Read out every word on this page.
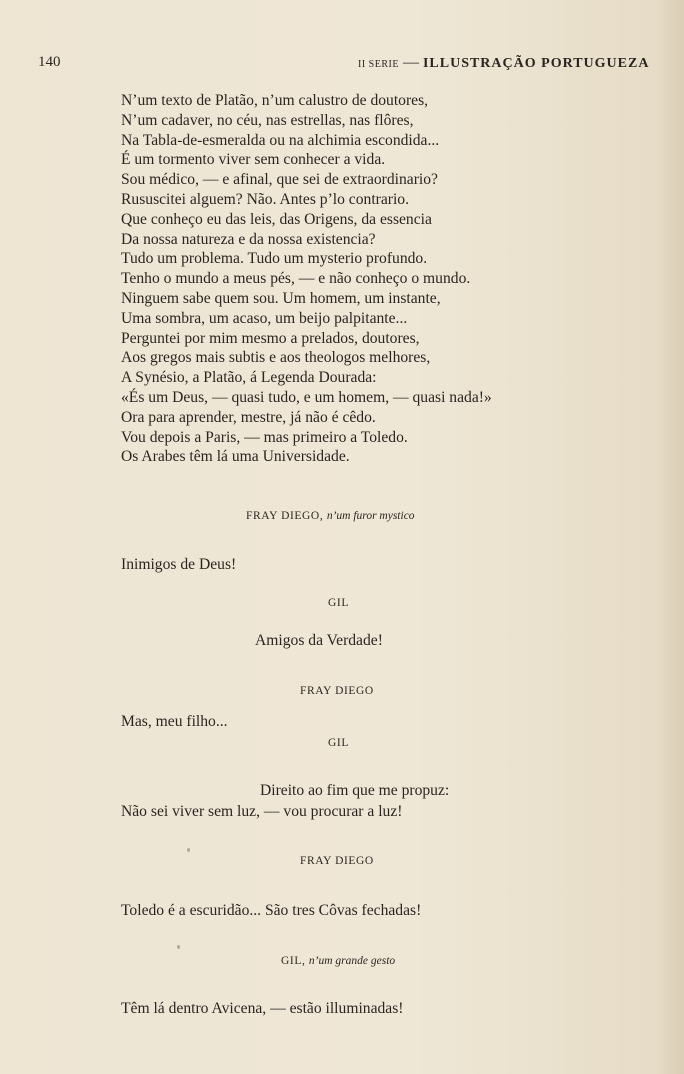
140	II SERIE — ILLUSTRAÇÃO PORTUGUEZA
N’um texto de Platão, n’um calustro de doutores,
N’um cadaver, no céu, nas estrellas, nas flôres,
Na Tabla-de-esmeralda ou na alchimia escondida...
É um tormento viver sem conhecer a vida.
Sou médico, — e afinal, que sei de extraordinario?
Rususcitei alguem? Não. Antes p’lo contrario.
Que conheço eu das leis, das Origens, da essencia
Da nossa natureza e da nossa existencia?
Tudo um problema. Tudo um mysterio profundo.
Tenho o mundo a meus pés, — e não conheço o mundo.
Ninguem sabe quem sou. Um homem, um instante,
Uma sombra, um acaso, um beijo palpitante...
Perguntei por mim mesmo a prelados, doutores,
Aos gregos mais subtis e aos theologos melhores,
A Synésio, a Platão, á Legenda Dourada:
«És um Deus, — quasi tudo, e um homem, — quasi nada!»
Ora para aprender, mestre, já não é cêdo.
Vou depois a Paris, — mas primeiro a Toledo.
Os Arabes têm lá uma Universidade.
FRAY DIEGO, n’um furor mystico
Inimigos de Deus!
GIL
Amigos da Verdade!
FRAY DIEGO
Mas, meu filho...
GIL
Direito ao fim que me propuz:
Não sei viver sem luz, — vou procurar a luz!
FRAY DIEGO
Toledo é a escuridão... São tres Côvas fechadas!
GIL, n’um grande gesto
Têm lá dentro Avicena, — estão illuminadas!
